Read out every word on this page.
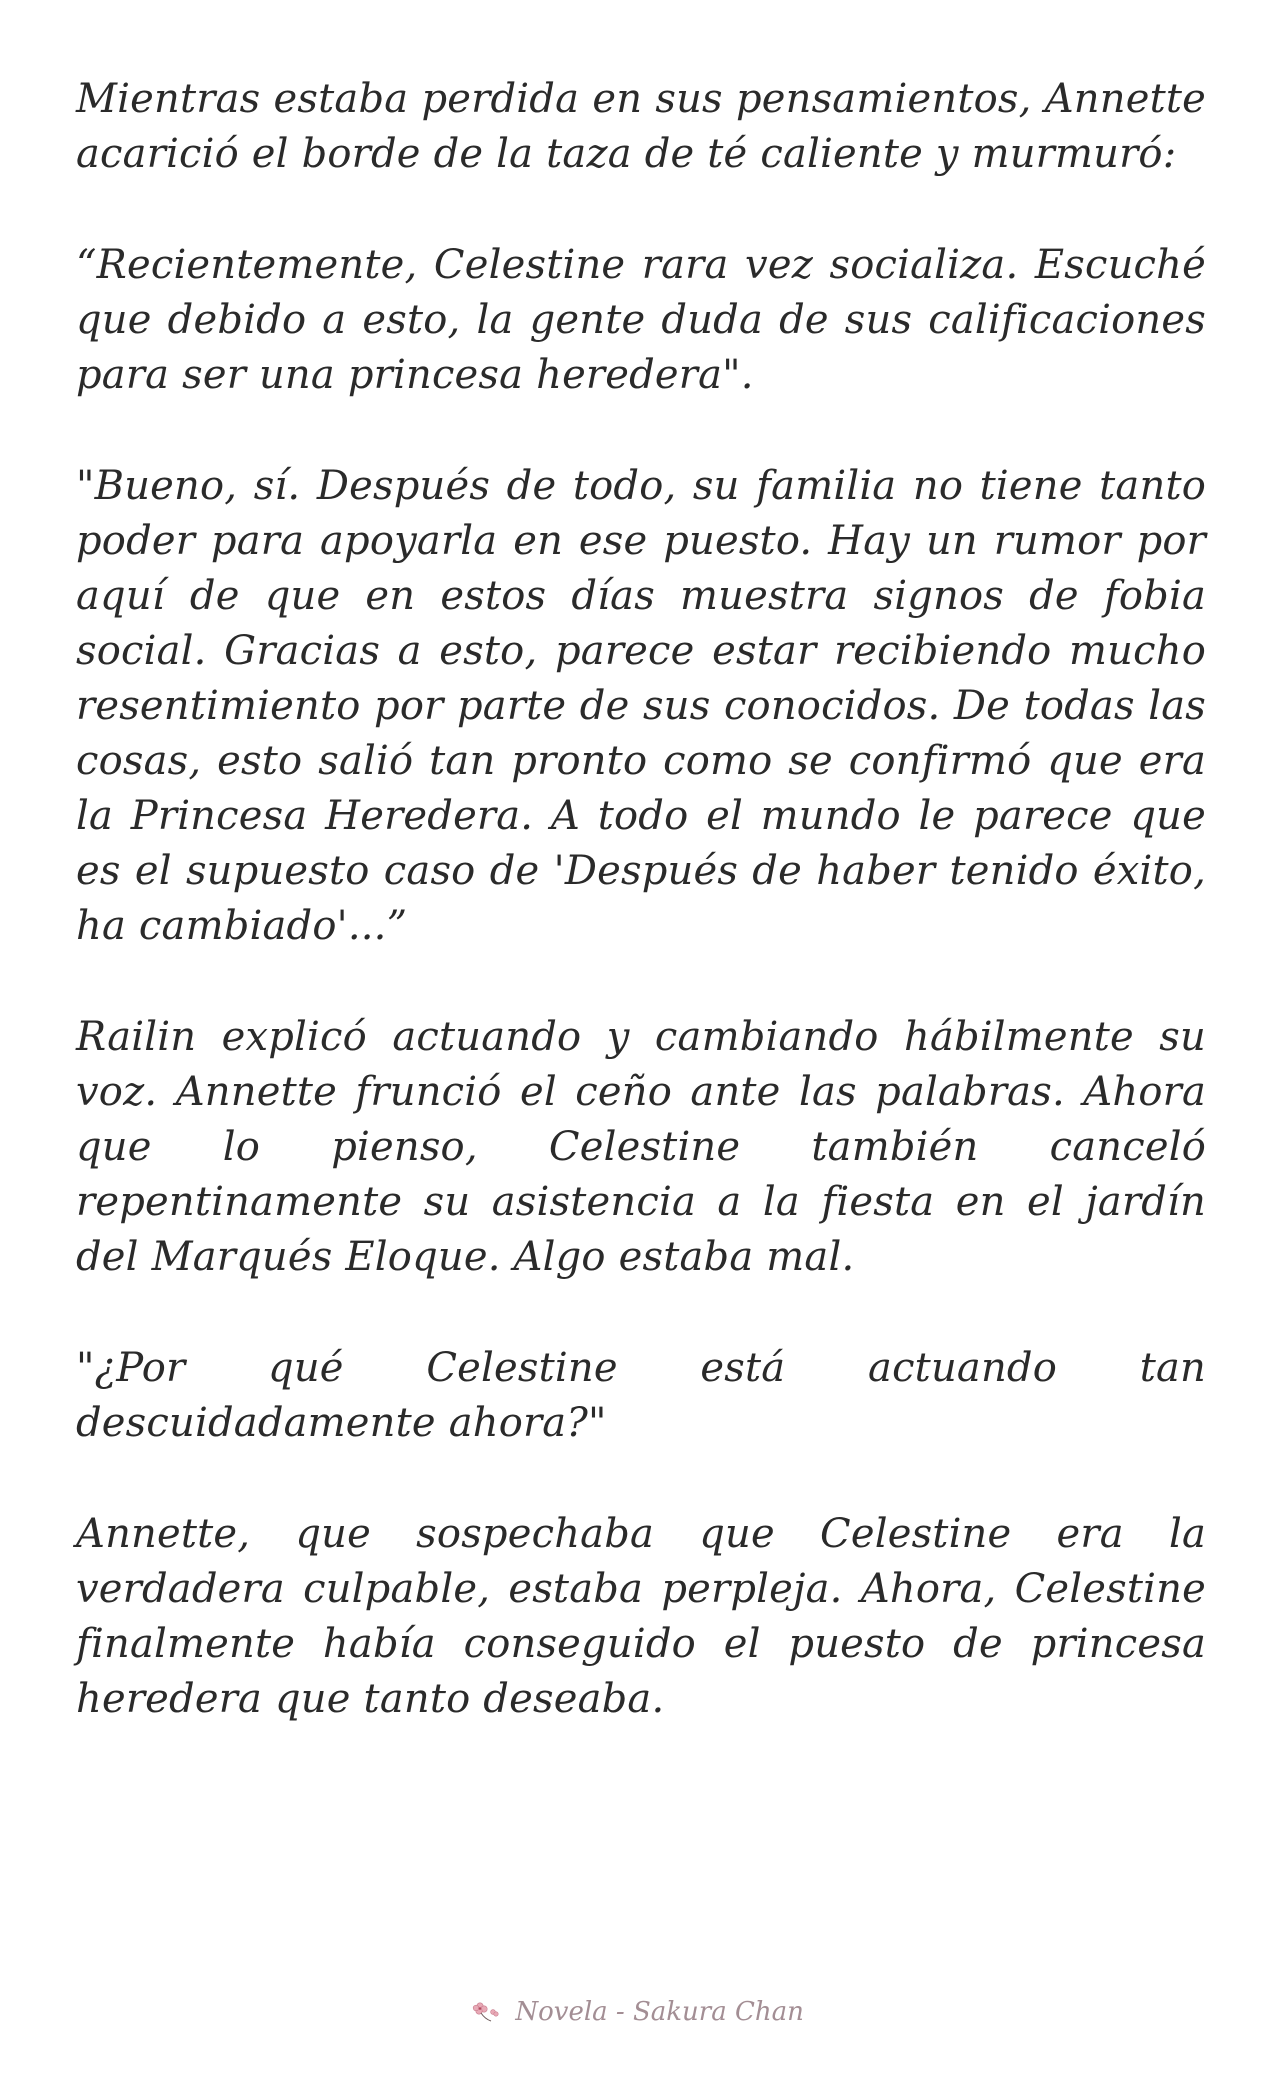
Mientras estaba perdida en sus pensamientos, Annette acarició el borde de la taza de té caliente y murmuró:

“Recientemente, Celestine rara vez socializa. Escuché que debido a esto, la gente duda de sus calificaciones para ser una princesa heredera".

"Bueno, sí. Después de todo, su familia no tiene tanto poder para apoyarla en ese puesto. Hay un rumor por aquí de que en estos días muestra signos de fobia social. Gracias a esto, parece estar recibiendo mucho resentimiento por parte de sus conocidos. De todas las cosas, esto salió tan pronto como se confirmó que era la Princesa Heredera. A todo el mundo le parece que es el supuesto caso de 'Después de haber tenido éxito, ha cambiado'...”

Railin explicó actuando y cambiando hábilmente su voz. Annette frunció el ceño ante las palabras. Ahora que lo pienso, Celestine también canceló repentinamente su asistencia a la fiesta en el jardín del Marqués Eloque. Algo estaba mal.

"¿Por qué Celestine está actuando tan descuidadamente ahora?"

Annette, que sospechaba que Celestine era la verdadera culpable, estaba perpleja. Ahora, Celestine finalmente había conseguido el puesto de princesa heredera que tanto deseaba.

Novela - Sakura Chan
